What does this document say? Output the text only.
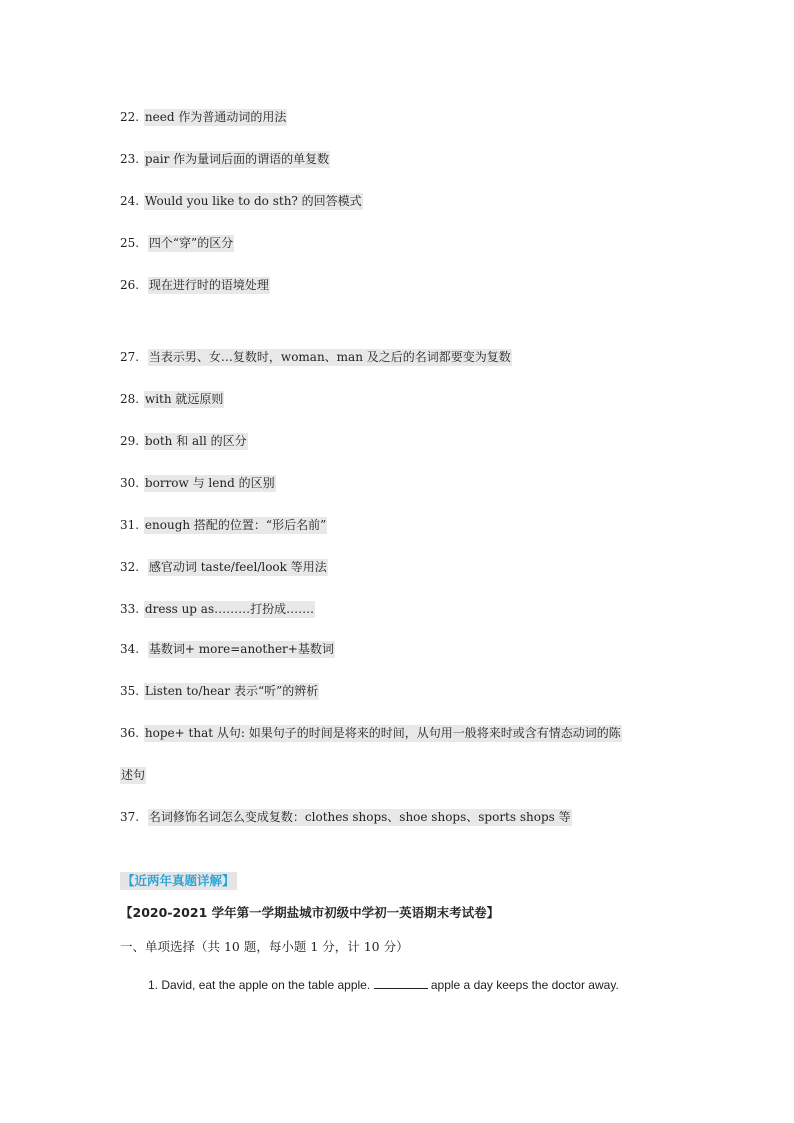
22. need 作为普通动词的用法
23. pair 作为量词后面的谓语的单复数
24. Would you like to do sth? 的回答模式
25. 四个“穿”的区分
26. 现在进行时的语境处理
27. 当表示男、女…复数时，woman、man 及之后的名词都要变为复数
28. with 就远原则
29. both 和 all 的区分
30. borrow 与 lend 的区别
31. enough 搭配的位置：“形后名前”
32. 感官动词 taste/feel/look 等用法
33. dress up as………打扮成…….
34. 基数词+ more=another+基数词
35. Listen to/hear 表示“听”的辨析
36. hope+ that 从句: 如果句子的时间是将来的时间，从句用一般将来时或含有情态动词的陈
述句
37. 名词修饰名词怎么变成复数：clothes shops、shoe shops、sports shops 等
【近两年真题详解】
【2020-2021 学年第一学期盐城市初级中学初一英语期末考试卷】
一、单项选择（共 10 题，每小题 1 分，计 10 分）
1. David, eat the apple on the table apple.	apple a day keeps the doctor away.
